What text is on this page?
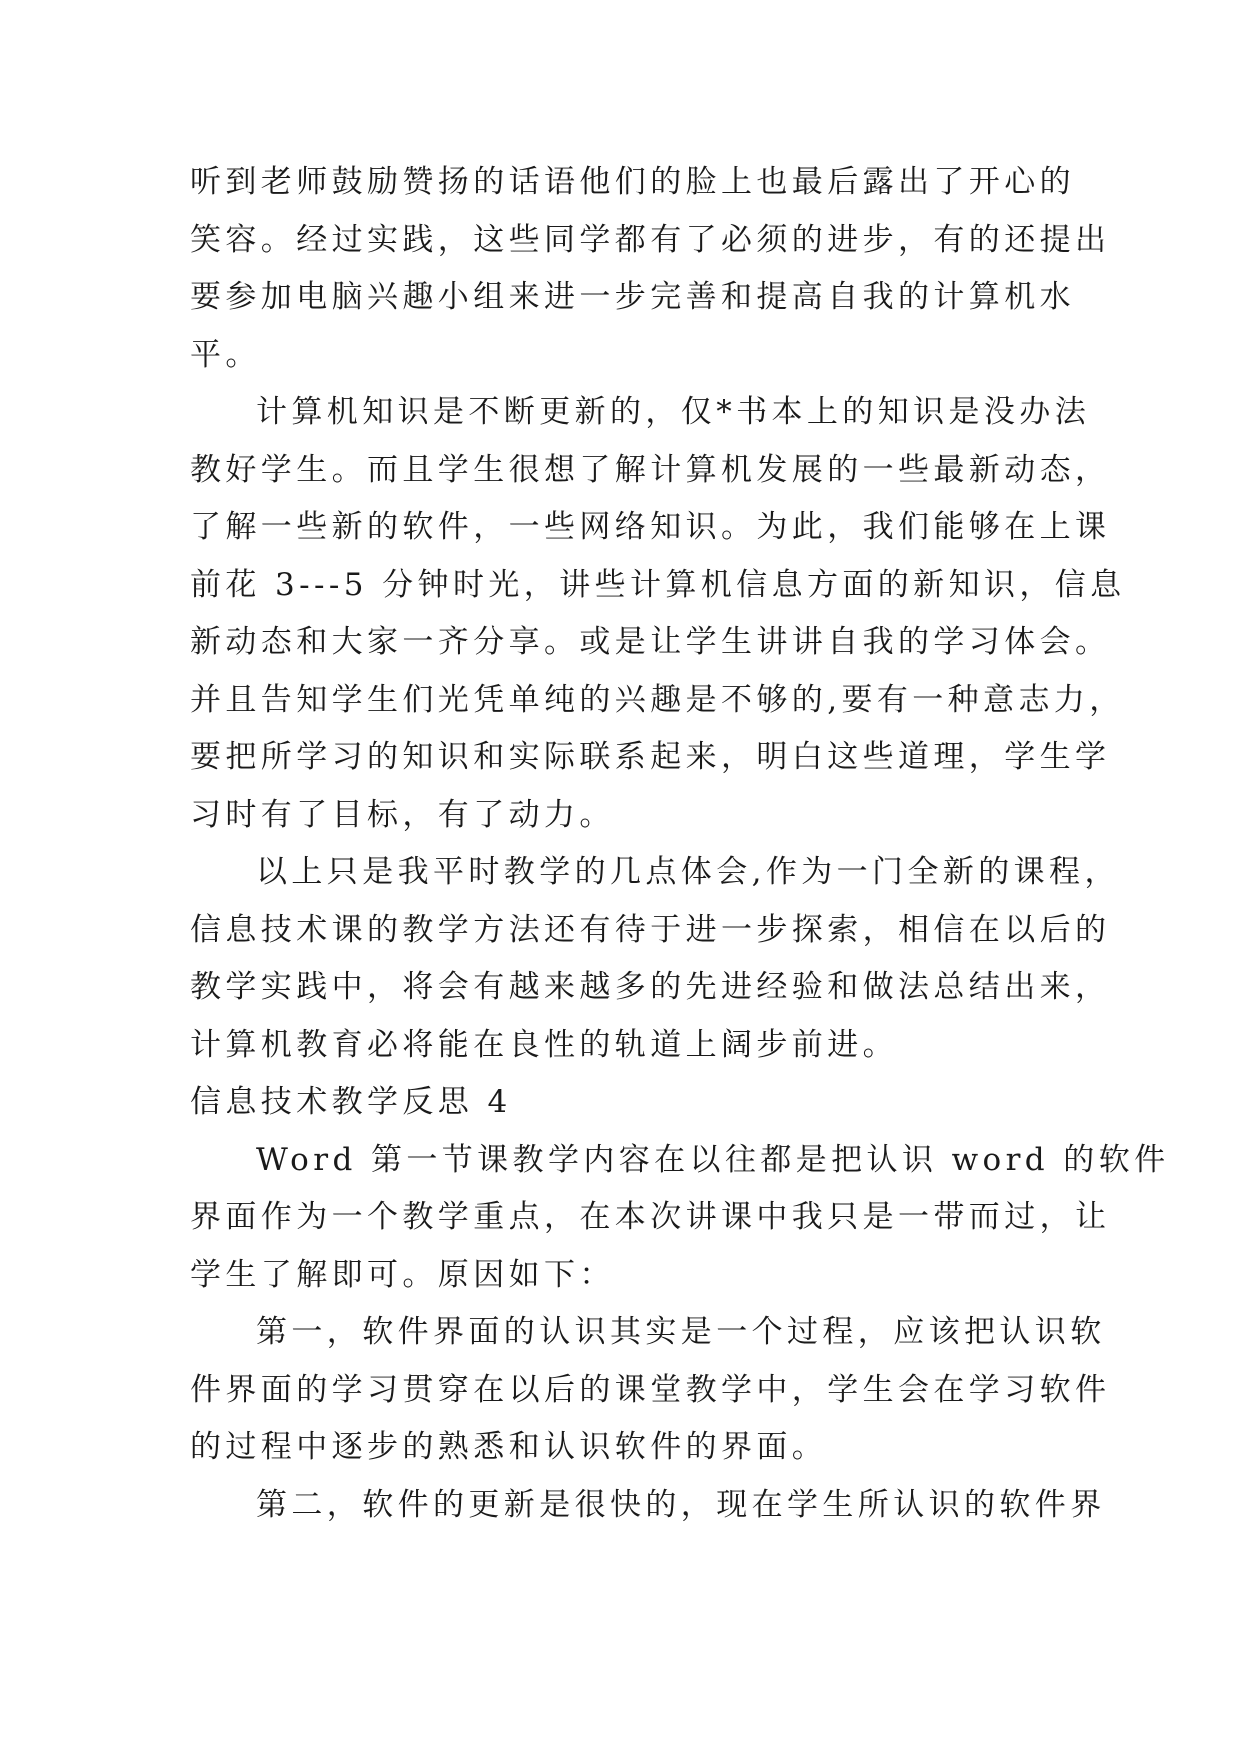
听到老师鼓励赞扬的话语他们的脸上也最后露出了开心的
笑容。经过实践，这些同学都有了必须的进步，有的还提出
要参加电脑兴趣小组来进一步完善和提高自我的计算机水
平。
计算机知识是不断更新的，仅*书本上的知识是没办法
教好学生。而且学生很想了解计算机发展的一些最新动态，
了解一些新的软件，一些网络知识。为此，我们能够在上课
前花 3---5 分钟时光，讲些计算机信息方面的新知识，信息
新动态和大家一齐分享。或是让学生讲讲自我的学习体会。
并且告知学生们光凭单纯的兴趣是不够的,要有一种意志力，
要把所学习的知识和实际联系起来，明白这些道理，学生学
习时有了目标，有了动力。
以上只是我平时教学的几点体会,作为一门全新的课程，
信息技术课的教学方法还有待于进一步探索，相信在以后的
教学实践中，将会有越来越多的先进经验和做法总结出来，
计算机教育必将能在良性的轨道上阔步前进。
信息技术教学反思 4
Word 第一节课教学内容在以往都是把认识 word 的软件
界面作为一个教学重点，在本次讲课中我只是一带而过，让
学生了解即可。原因如下：
第一，软件界面的认识其实是一个过程，应该把认识软
件界面的学习贯穿在以后的课堂教学中，学生会在学习软件
的过程中逐步的熟悉和认识软件的界面。
第二，软件的更新是很快的，现在学生所认识的软件界
